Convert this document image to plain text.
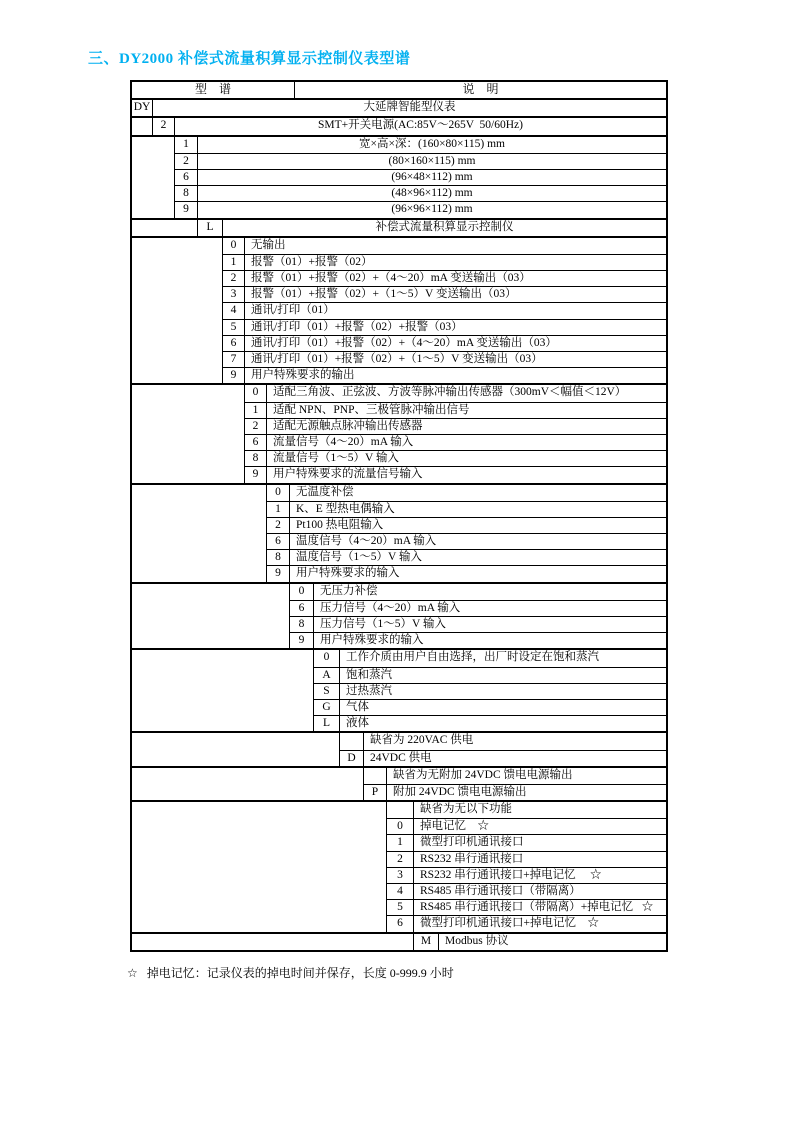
三、DY2000 补偿式流量积算显示控制仪表型谱
型　谱	说　明
DY	大延牌智能型仪表
2	SMT+开关电源(AC:85V～265V  50/60Hz)
1	宽×高×深：(160×80×115) mm
2	(80×160×115) mm
6	(96×48×112) mm
8	(48×96×112) mm
9	(96×96×112) mm
L	补偿式流量积算显示控制仪
0	无输出
1	报警（01）+报警（02）
2	报警（01）+报警（02）+（4～20）mA 变送输出（03）
3	报警（01）+报警（02）+（1～5）V 变送输出（03）
4	通讯/打印（01）
5	通讯/打印（01）+报警（02）+报警（03）
6	通讯/打印（01）+报警（02）+（4～20）mA 变送输出（03）
7	通讯/打印（01）+报警（02）+（1～5）V 变送输出（03）
9	用户特殊要求的输出
0	适配三角波、正弦波、方波等脉冲输出传感器（300mV＜幅值＜12V）
1	适配 NPN、PNP、三极管脉冲输出信号
2	适配无源触点脉冲输出传感器
6	流量信号（4～20）mA 输入
8	流量信号（1～5）V 输入
9	用户特殊要求的流量信号输入
0	无温度补偿
1	K、E 型热电偶输入
2	Pt100 热电阻输入
6	温度信号（4～20）mA 输入
8	温度信号（1～5）V 输入
9	用户特殊要求的输入
0	无压力补偿
6	压力信号（4～20）mA 输入
8	压力信号（1～5）V 输入
9	用户特殊要求的输入
0	工作介质由用户自由选择，出厂时设定在饱和蒸汽
A	饱和蒸汽
S	过热蒸汽
G	气体
L	液体
缺省为 220VAC 供电
D	24VDC 供电
缺省为无附加 24VDC 馈电电源输出
P	附加 24VDC 馈电电源输出
缺省为无以下功能
0	掉电记忆    ☆
1	微型打印机通讯接口
2	RS232 串行通讯接口
3	RS232 串行通讯接口+掉电记忆     ☆
4	RS485 串行通讯接口（带隔离）
5	RS485 串行通讯接口（带隔离）+掉电记忆   ☆
6	微型打印机通讯接口+掉电记忆    ☆
M	Modbus 协议
☆ 掉电记忆：记录仪表的掉电时间并保存，长度 0-999.9 小时
